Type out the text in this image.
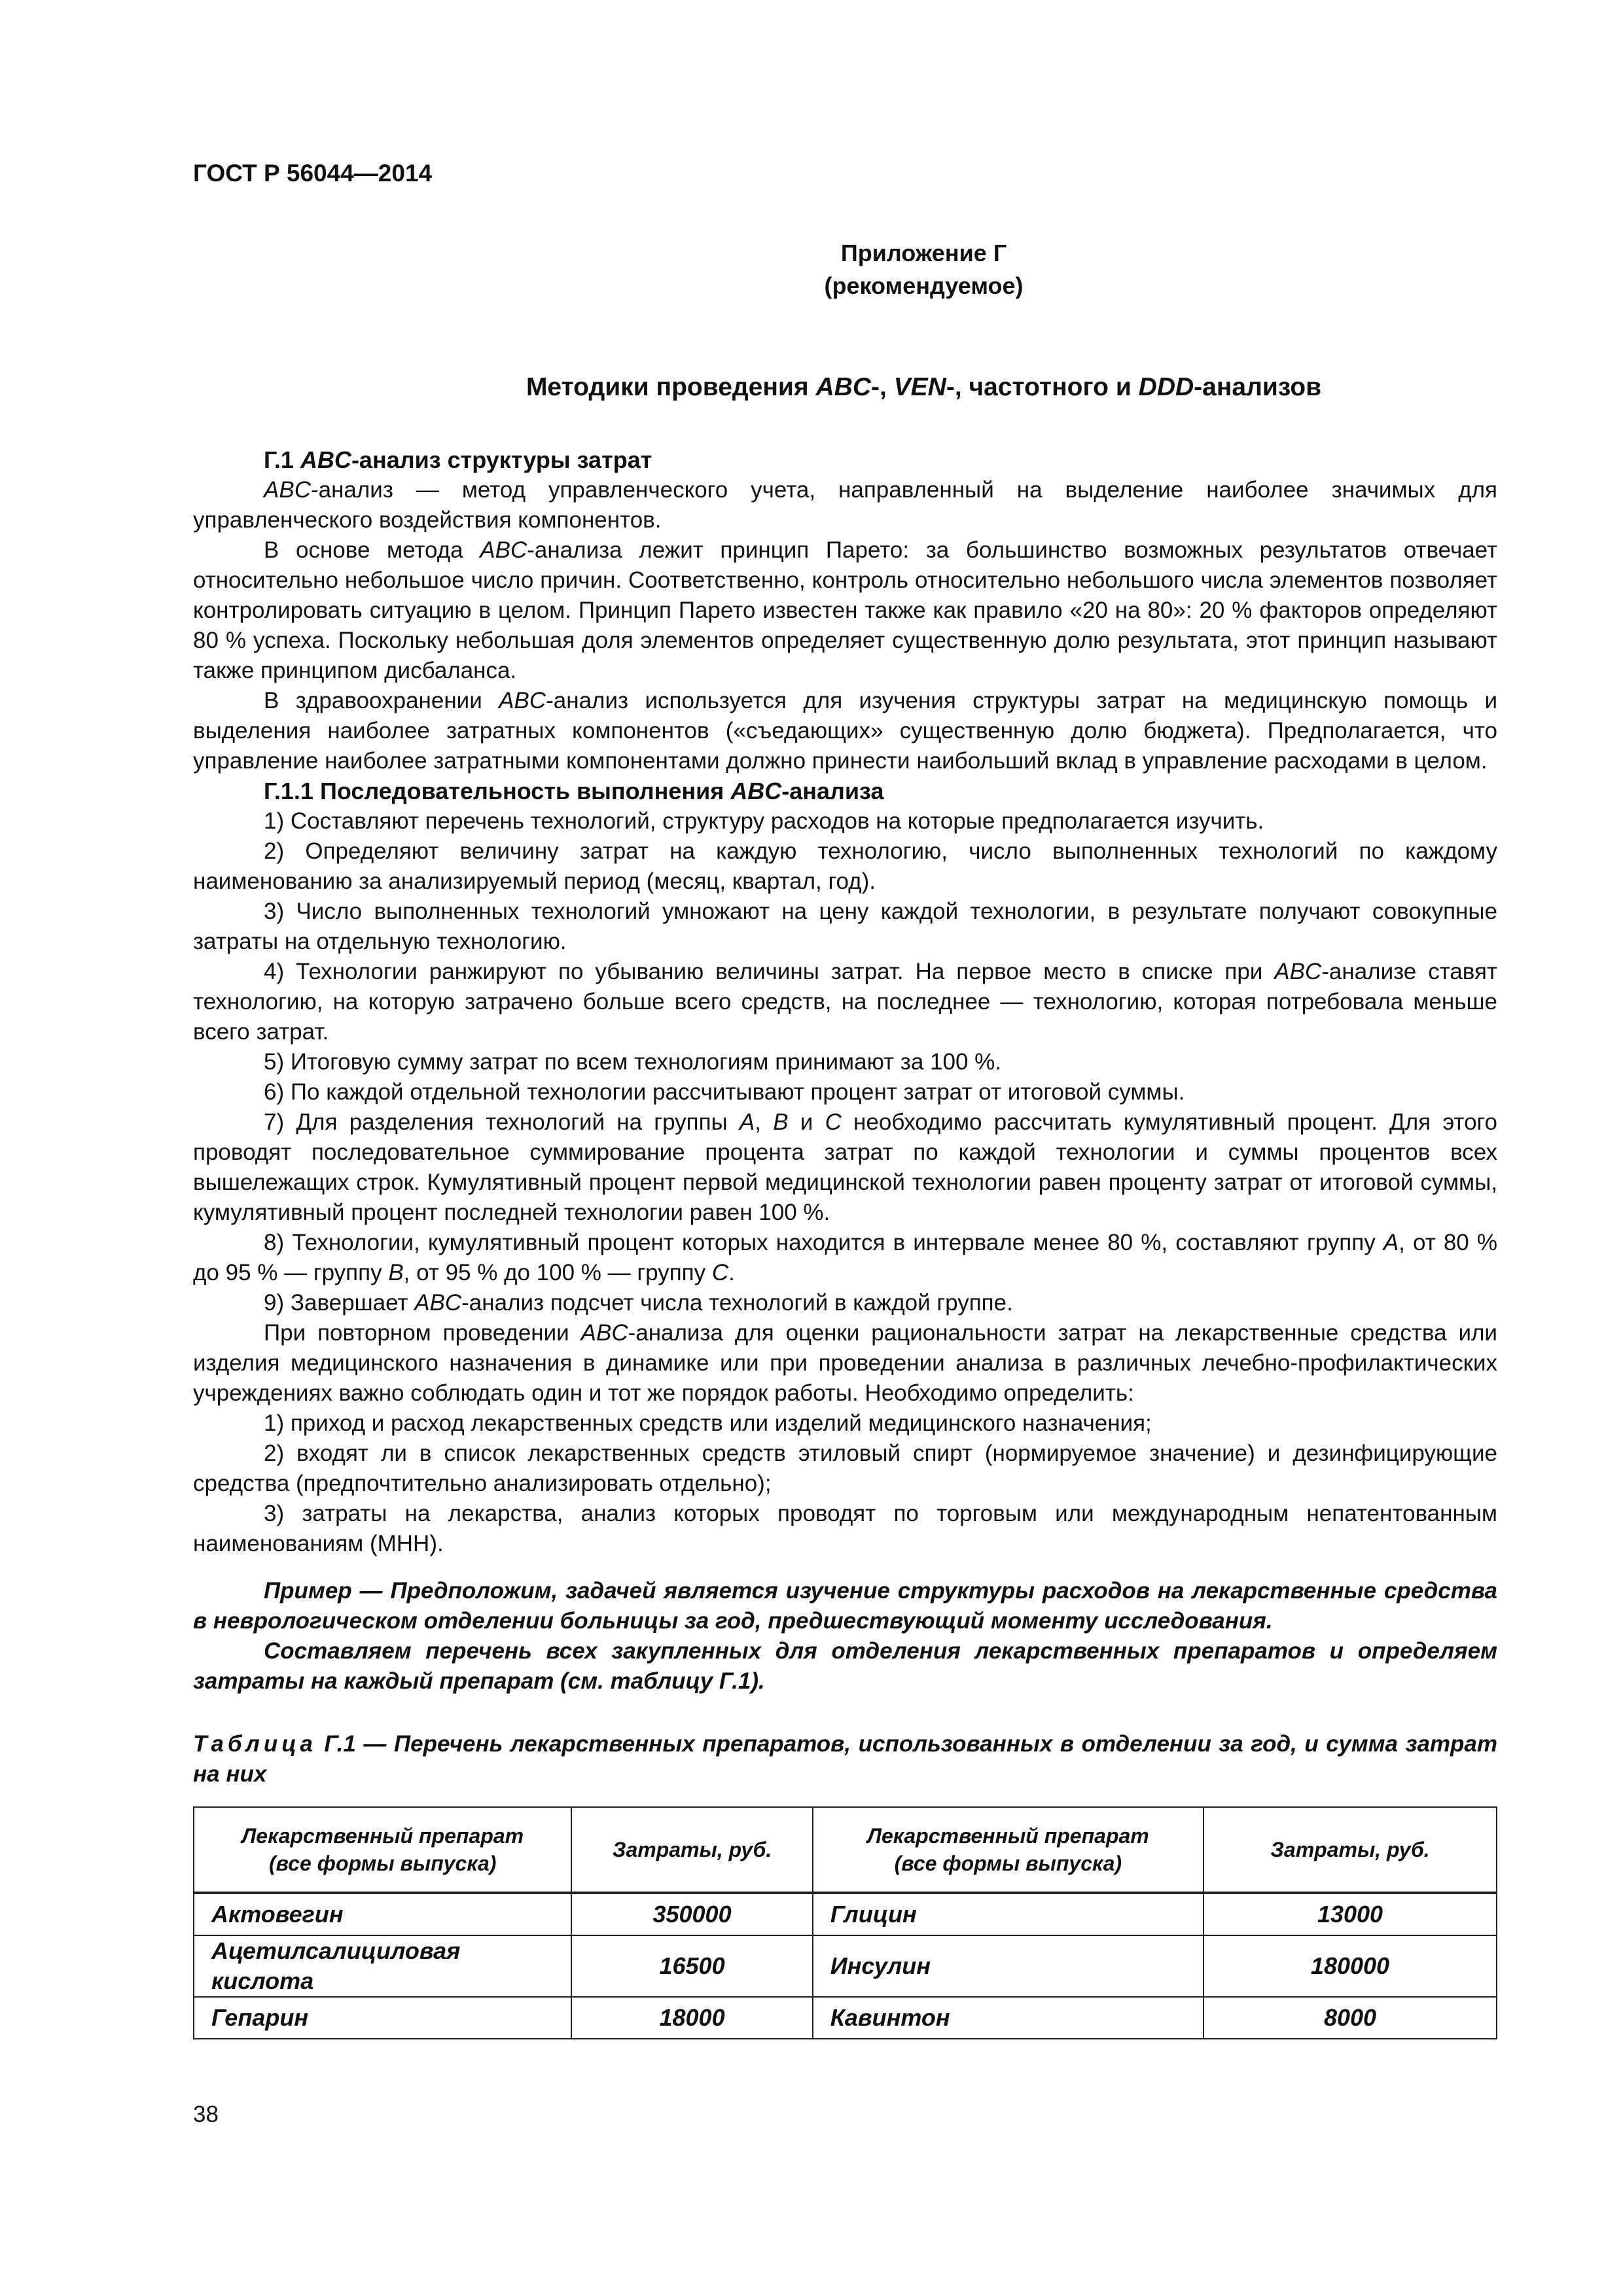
ГОСТ Р 56044—2014
Приложение Г
(рекомендуемое)
Методики проведения ABC-, VEN-, частотного и DDD-анализов
Г.1 ABC-анализ структуры затрат

ABC-анализ — метод управленческого учета, направленный на выделение наиболее значимых для управленческого воздействия компонентов.

В основе метода ABC-анализа лежит принцип Парето: за большинство возможных результатов отвечает относительно небольшое число причин. Соответственно, контроль относительно небольшого числа элементов позволяет контролировать ситуацию в целом. Принцип Парето известен также как правило «20 на 80»: 20 % факторов определяют 80 % успеха. Поскольку небольшая доля элементов определяет существенную долю результата, этот принцип называют также принципом дисбаланса.

В здравоохранении ABC-анализ используется для изучения структуры затрат на медицинскую помощь и выделения наиболее затратных компонентов («съедающих» существенную долю бюджета). Предполагается, что управление наиболее затратными компонентами должно принести наибольший вклад в управление расходами в целом.

Г.1.1 Последовательность выполнения ABC-анализа

1) Составляют перечень технологий, структуру расходов на которые предполагается изучить.

2) Определяют величину затрат на каждую технологию, число выполненных технологий по каждому наименованию за анализируемый период (месяц, квартал, год).

3) Число выполненных технологий умножают на цену каждой технологии, в результате получают совокупные затраты на отдельную технологию.

4) Технологии ранжируют по убыванию величины затрат. На первое место в списке при ABC-анализе ставят технологию, на которую затрачено больше всего средств, на последнее — технологию, которая потребовала меньше всего затрат.

5) Итоговую сумму затрат по всем технологиям принимают за 100 %.

6) По каждой отдельной технологии рассчитывают процент затрат от итоговой суммы.

7) Для разделения технологий на группы A, B и C необходимо рассчитать кумулятивный процент. Для этого проводят последовательное суммирование процента затрат по каждой технологии и суммы процентов всех вышележащих строк. Кумулятивный процент первой медицинской технологии равен проценту затрат от итоговой суммы, кумулятивный процент последней технологии равен 100 %.

8) Технологии, кумулятивный процент которых находится в интервале менее 80 %, составляют группу A, от 80 % до 95 % — группу B, от 95 % до 100 % — группу C.

9) Завершает ABC-анализ подсчет числа технологий в каждой группе.

При повторном проведении ABC-анализа для оценки рациональности затрат на лекарственные средства или изделия медицинского назначения в динамике или при проведении анализа в различных лечебно-профилактических учреждениях важно соблюдать один и тот же порядок работы. Необходимо определить:

1) приход и расход лекарственных средств или изделий медицинского назначения;

2) входят ли в список лекарственных средств этиловый спирт (нормируемое значение) и дезинфицирующие средства (предпочтительно анализировать отдельно);

3) затраты на лекарства, анализ которых проводят по торговым или международным непатентованным наименованиям (МНН).

Пример — Предположим, задачей является изучение структуры расходов на лекарственные средства в неврологическом отделении больницы за год, предшествующий моменту исследования.

Составляем перечень всех закупленных для отделения лекарственных препаратов и определяем затраты на каждый препарат (см. таблицу Г.1).

Таблица Г.1 — Перечень лекарственных препаратов, использованных в отделении за год, и сумма затрат на них
Лекарственный препарат
(все формы выпуска)	Затраты, руб.	Лекарственный препарат
(все формы выпуска)	Затраты, руб.
Актовегин	350000	Глицин	13000
Ацетилсалициловая кислота	16500	Инсулин	180000
Гепарин	18000	Кавинтон	8000
38
